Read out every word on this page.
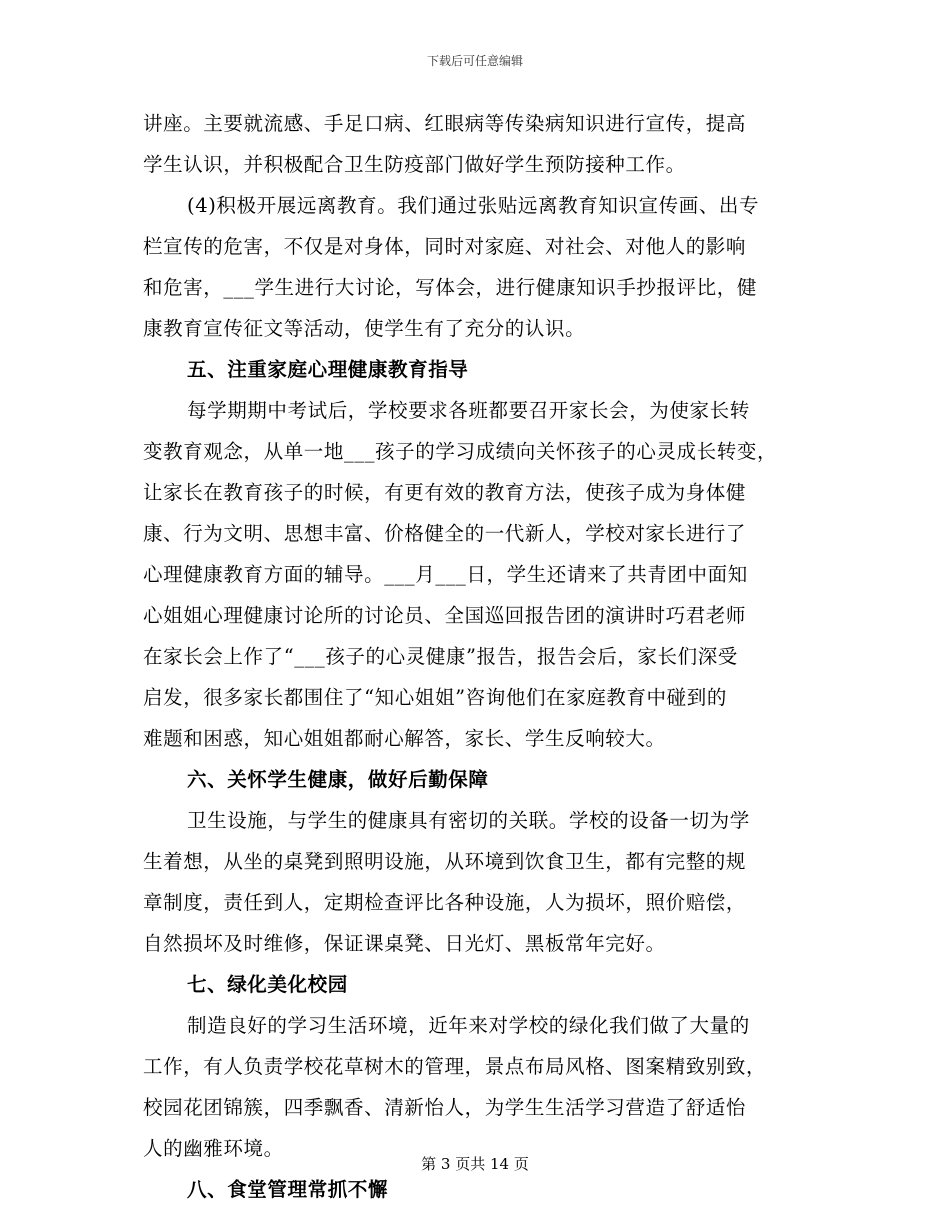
下载后可任意编辑
讲座。主要就流感、手足口病、红眼病等传染病知识进行宣传，提高
学生认识，并积极配合卫生防疫部门做好学生预防接种工作。
(4)积极开展远离教育。我们通过张贴远离教育知识宣传画、出专
栏宣传的危害，不仅是对身体，同时对家庭、对社会、对他人的影响
和危害，___学生进行大讨论，写体会，进行健康知识手抄报评比，健
康教育宣传征文等活动，使学生有了充分的认识。
五、注重家庭心理健康教育指导
每学期期中考试后，学校要求各班都要召开家长会，为使家长转
变教育观念，从单一地___孩子的学习成绩向关怀孩子的心灵成长转变，
让家长在教育孩子的时候，有更有效的教育方法，使孩子成为身体健
康、行为文明、思想丰富、价格健全的一代新人，学校对家长进行了
心理健康教育方面的辅导。___月___日，学生还请来了共青团中面知
心姐姐心理健康讨论所的讨论员、全国巡回报告团的演讲时巧君老师
在家长会上作了“___孩子的心灵健康”报告，报告会后，家长们深受
启发，很多家长都围住了“知心姐姐”咨询他们在家庭教育中碰到的
难题和困惑，知心姐姐都耐心解答，家长、学生反响较大。
六、关怀学生健康，做好后勤保障
卫生设施，与学生的健康具有密切的关联。学校的设备一切为学
生着想，从坐的桌凳到照明设施，从环境到饮食卫生，都有完整的规
章制度，责任到人，定期检查评比各种设施，人为损坏，照价赔偿，
自然损坏及时维修，保证课桌凳、日光灯、黑板常年完好。
七、绿化美化校园
制造良好的学习生活环境，近年来对学校的绿化我们做了大量的
工作，有人负责学校花草树木的管理，景点布局风格、图案精致别致，
校园花团锦簇，四季飘香、清新怡人，为学生生活学习营造了舒适怡
人的幽雅环境。
八、食堂管理常抓不懈
第 3 页共 14 页
